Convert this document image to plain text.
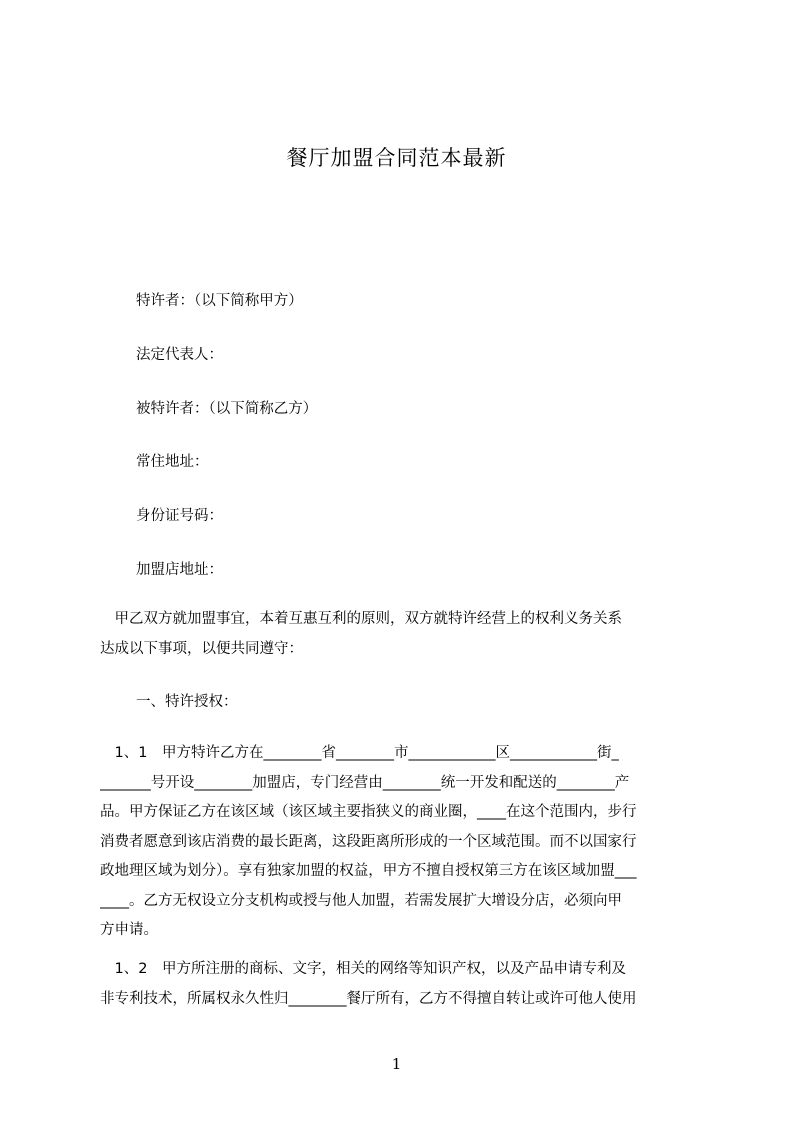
餐厅加盟合同范本最新
特许者：（以下简称甲方）
法定代表人：
被特许者：（以下简称乙方）
常住地址：
身份证号码：
加盟店地址：
　甲乙双方就加盟事宜，本着互惠互利的原则，双方就特许经营上的权利义务关系
达成以下事项，以便共同遵守：
一、特许授权：
　1、1　甲方特许乙方在________省________市____________区____________街_
_______号开设________加盟店，专门经营由________统一开发和配送的________产
品。甲方保证乙方在该区域（该区域主要指狭义的商业圈，____在这个范围内，步行
消费者愿意到该店消费的最长距离，这段距离所形成的一个区域范围。而不以国家行
政地理区域为划分）。享有独家加盟的权益，甲方不擅自授权第三方在该区域加盟___
____。乙方无权设立分支机构或授与他人加盟，若需发展扩大增设分店，必须向甲
方申请。
　1、2　甲方所注册的商标、文字，相关的网络等知识产权，以及产品申请专利及
非专利技术，所属权永久性归________餐厅所有，乙方不得擅自转让或许可他人使用
1
